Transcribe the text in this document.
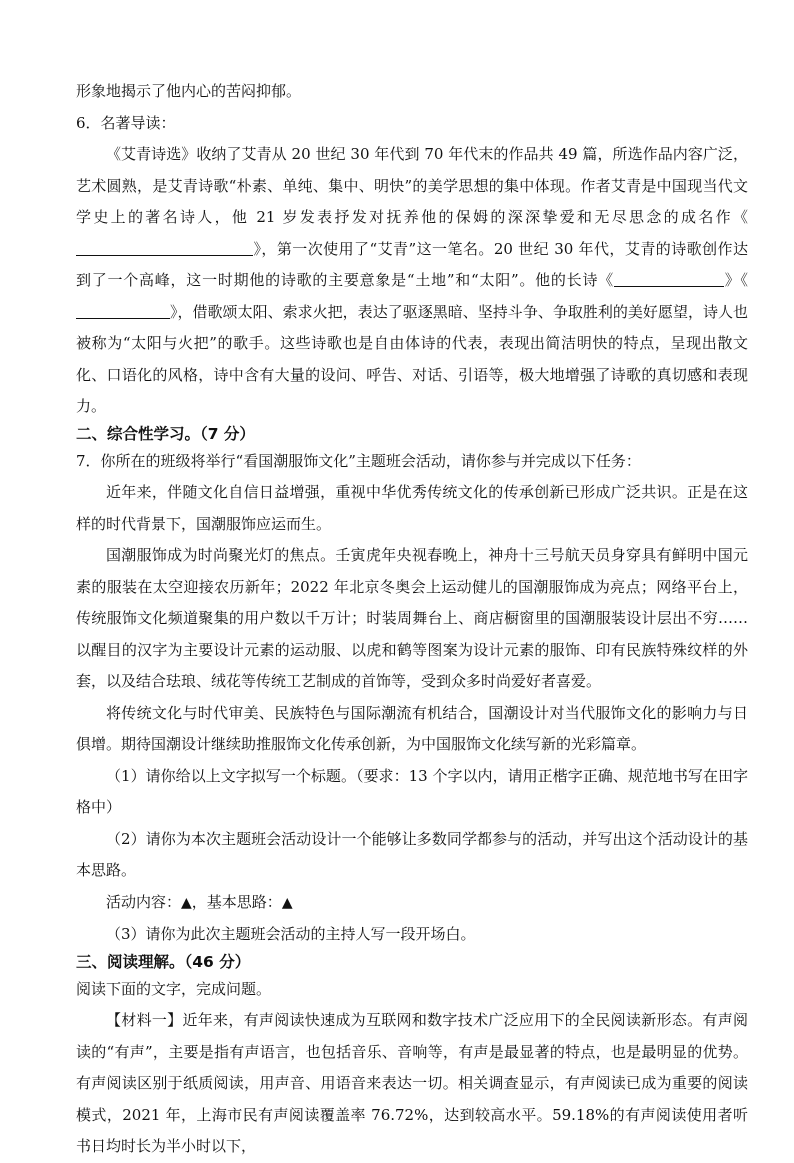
形象地揭示了他内心的苦闷抑郁。

6．名著导读：

《艾青诗选》收纳了艾青从 20 世纪 30 年代到 70 年代末的作品共 49 篇，所选作品内容广泛，艺术圆熟，是艾青诗歌“朴素、单纯、集中、明快”的美学思想的集中体现。作者艾青是中国现当代文学史上的著名诗人，他 21 岁发表抒发对抚养他的保姆的深深挚爱和无尽思念的成名作《》，第一次使用了“艾青”这一笔名。20 世纪 30 年代，艾青的诗歌创作达到了一个高峰，这一时期他的诗歌的主要意象是“土地”和“太阳”。他的长诗《	》《》，借歌颂太阳、索求火把，表达了驱逐黑暗、坚持斗争、争取胜利的美好愿望，诗人也被称为“太阳与火把”的歌手。这些诗歌也是自由体诗的代表，表现出简洁明快的特点，呈现出散文化、口语化的风格，诗中含有大量的设问、呼告、对话、引语等，极大地增强了诗歌的真切感和表现力。

二、综合性学习。（7 分）

7．你所在的班级将举行“看国潮服饰文化”主题班会活动，请你参与并完成以下任务：

近年来，伴随文化自信日益增强，重视中华优秀传统文化的传承创新已形成广泛共识。正是在这样的时代背景下，国潮服饰应运而生。

国潮服饰成为时尚聚光灯的焦点。壬寅虎年央视春晚上，神舟十三号航天员身穿具有鲜明中国元素的服装在太空迎接农历新年；2022 年北京冬奥会上运动健儿的国潮服饰成为亮点；网络平台上，传统服饰文化频道聚集的用户数以千万计；时装周舞台上、商店橱窗里的国潮服装设计层出不穷……以醒目的汉字为主要设计元素的运动服、以虎和鹤等图案为设计元素的服饰、印有民族特殊纹样的外套，以及结合珐琅、绒花等传统工艺制成的首饰等，受到众多时尚爱好者喜爱。

将传统文化与时代审美、民族特色与国际潮流有机结合，国潮设计对当代服饰文化的影响力与日俱增。期待国潮设计继续助推服饰文化传承创新，为中国服饰文化续写新的光彩篇章。

（1）请你给以上文字拟写一个标题。（要求：13 个字以内，请用正楷字正确、规范地书写在田字格中）

（2）请你为本次主题班会活动设计一个能够让多数同学都参与的活动，并写出这个活动设计的基本思路。

活动内容：▲，基本思路：▲

（3）请你为此次主题班会活动的主持人写一段开场白。

三、阅读理解。（46 分）

阅读下面的文字，完成问题。

【材料一】近年来，有声阅读快速成为互联网和数字技术广泛应用下的全民阅读新形态。有声阅读的“有声”，主要是指有声语言，也包括音乐、音响等，有声是最显著的特点，也是最明显的优势。有声阅读区别于纸质阅读，用声音、用语音来表达一切。相关调查显示，有声阅读已成为重要的阅读模式，2021 年，上海市民有声阅读覆盖率 76.72%，达到较高水平。59.18%的有声阅读使用者听书日均时长为半小时以下，
